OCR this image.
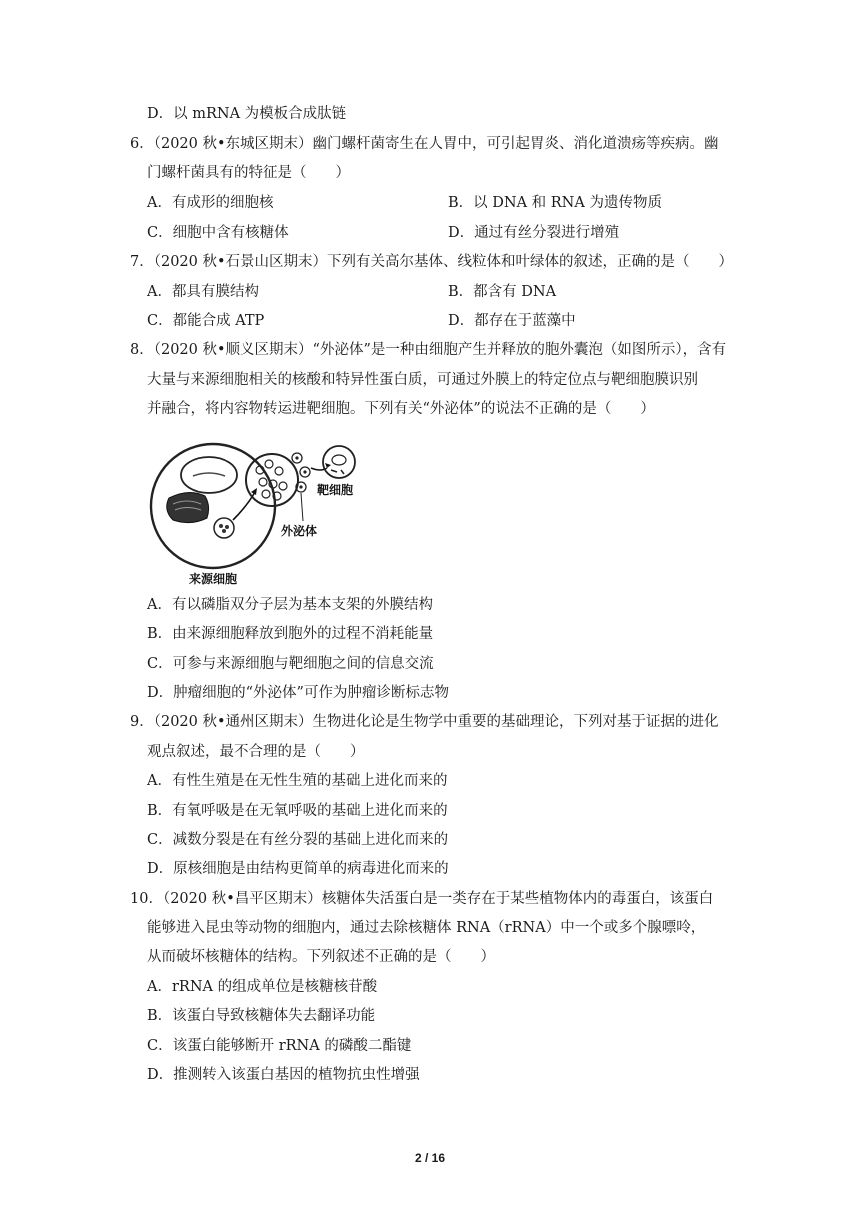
D．以 mRNA 为模板合成肽链
6．（2020 秋•东城区期末）幽门螺杆菌寄生在人胃中，可引起胃炎、消化道溃疡等疾病。幽
门螺杆菌具有的特征是（　　）
A．有成形的细胞核	B．以 DNA 和 RNA 为遗传物质
C．细胞中含有核糖体	D．通过有丝分裂进行增殖
7．（2020 秋•石景山区期末）下列有关高尔基体、线粒体和叶绿体的叙述，正确的是（　　）
A．都具有膜结构	B．都含有 DNA
C．都能合成 ATP	D．都存在于蓝藻中
8．（2020 秋•顺义区期末）“外泌体”是一种由细胞产生并释放的胞外囊泡（如图所示），含有
大量与来源细胞相关的核酸和特异性蛋白质，可通过外膜上的特定位点与靶细胞膜识别
并融合，将内容物转运进靶细胞。下列有关“外泌体”的说法不正确的是（　　）
靶细胞
外泌体
来源细胞
A．有以磷脂双分子层为基本支架的外膜结构
B．由来源细胞释放到胞外的过程不消耗能量
C．可参与来源细胞与靶细胞之间的信息交流
D．肿瘤细胞的“外泌体”可作为肿瘤诊断标志物
9．（2020 秋•通州区期末）生物进化论是生物学中重要的基础理论，下列对基于证据的进化
观点叙述，最不合理的是（　　）
A．有性生殖是在无性生殖的基础上进化而来的
B．有氧呼吸是在无氧呼吸的基础上进化而来的
C．减数分裂是在有丝分裂的基础上进化而来的
D．原核细胞是由结构更简单的病毒进化而来的
10．（2020 秋•昌平区期末）核糖体失活蛋白是一类存在于某些植物体内的毒蛋白，该蛋白
能够进入昆虫等动物的细胞内，通过去除核糖体 RNA（rRNA）中一个或多个腺嘌呤，
从而破坏核糖体的结构。下列叙述不正确的是（　　）
A．rRNA 的组成单位是核糖核苷酸
B．该蛋白导致核糖体失去翻译功能
C．该蛋白能够断开 rRNA 的磷酸二酯键
D．推测转入该蛋白基因的植物抗虫性增强
2 / 16
